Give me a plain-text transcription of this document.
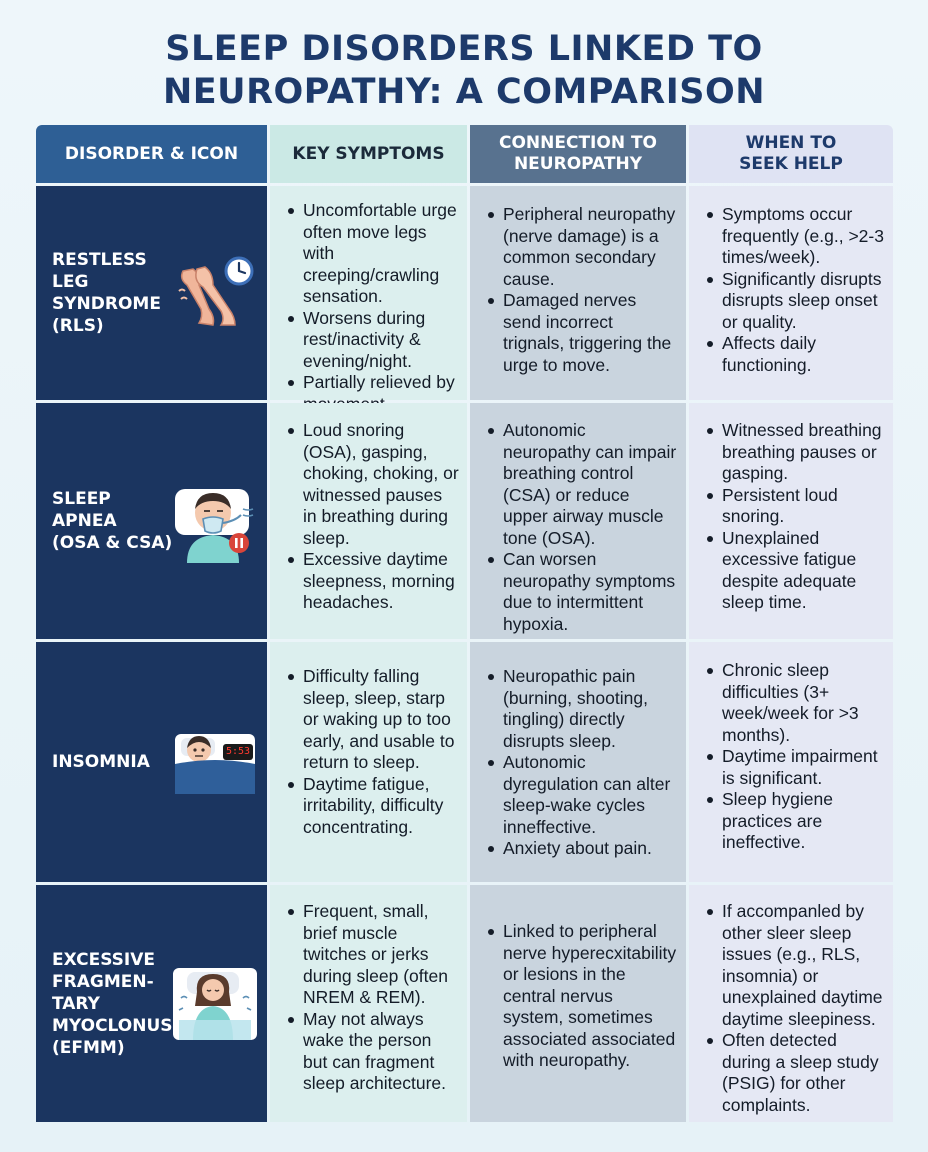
SLEEP DISORDERS LINKED TO
NEUROPATHY: A COMPARISON
DISORDER & ICON	KEY SYMPTOMS
CONNECTION TO
NEUROPATHY
WHEN TO
SEEK HELP
RESTLESS
LEG
SYNDROME
(RLS)
Uncomfortable urge often move legs with creeping/crawling sensation.
Worsens during rest/inactivity & evening/night.
Partially relieved by
Peripheral neuropathy (nerve damage) is a common secondary cause.
Damaged nerves send incorrect trignals, triggering the urge to move.
Symptoms occur frequently (e.g., >2-3 times/week).
Significantly disrupts disrupts sleep onset or quality.
Affects daily functioning.
SLEEP
APNEA
(OSA & CSA)
Loud snoring (OSA), gasping, choking, choking, or witnessed pauses in breathing during sleep.
Excessive daytime sleepness, morning headaches.
Autonomic neuropathy can impair breathing control (CSA) or reduce upper airway muscle tone (OSA).
Can worsen neuropathy symptoms due to intermittent hypoxia.
Witnessed breathing breathing pauses or gasping.
Persistent loud snoring.
Unexplained excessive fatigue despite adequate sleep time.
INSOMNIA
5:53
Difficulty falling sleep, sleep, starp or waking up to too early, and usable to return to sleep.
Daytime fatigue, irritability, difficulty concentrating.
Neuropathic pain (burning, shooting, tingling) directly disrupts sleep.
Autonomic dyregulation can alter sleep-wake cycles inneffective.
Anxiety about pain.
Chronic sleep difficulties (3+ week/week for >3 months).
Daytime impairment is significant.
Sleep hygiene practices are ineffective.
EXCESSIVE
FRAGMEN-
TARY
MYOCLONUS
(EFMM)
Frequent, small, brief muscle twitches or jerks during sleep (often NREM & REM).
May not always wake the person but can fragment sleep architecture.
Linked to peripheral nerve hyperecxitability or lesions in the central nervus system, sometimes associated associated with neuropathy.
If accompanled by other sleer sleep issues (e.g., RLS, insomnia) or unexplained daytime daytime sleepiness.
Often detected during a sleep study (PSIG) for other complaints.
